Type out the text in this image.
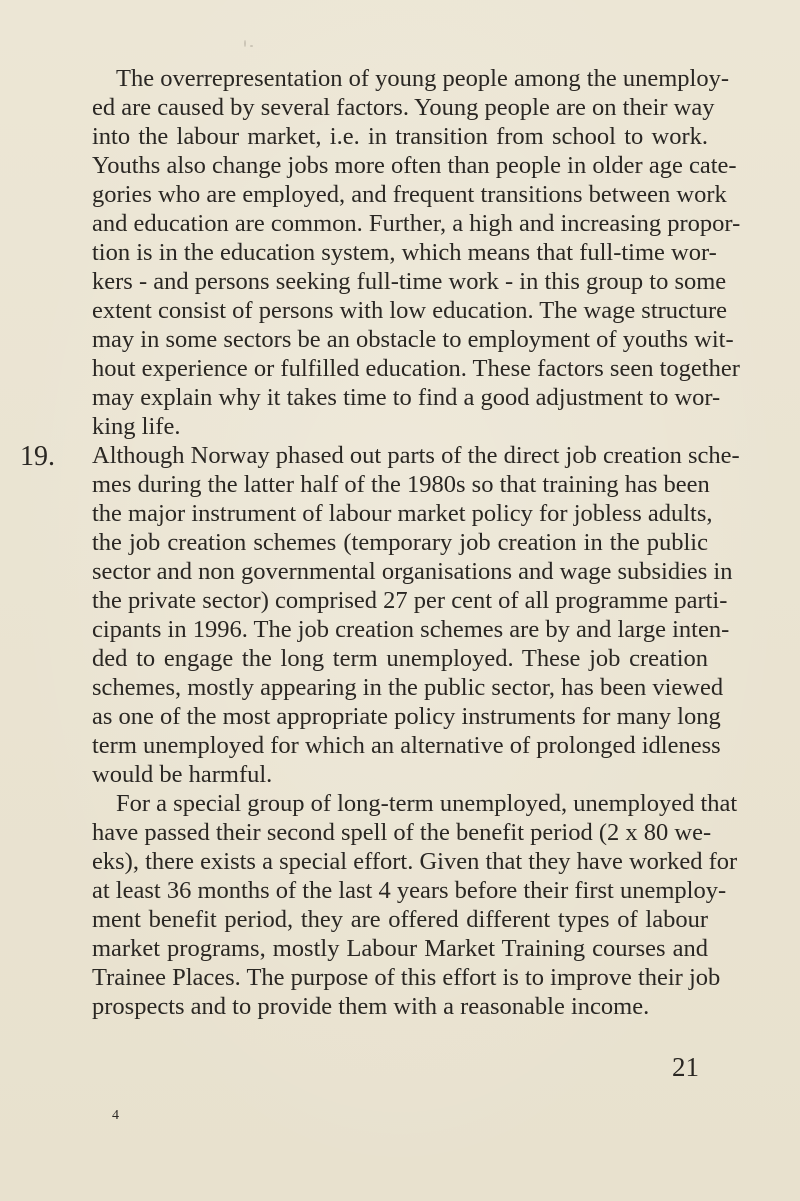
19.
The overrepresentation of young people among the unemploy-
ed are caused by several factors. Young people are on their way
into the labour market, i.e. in transition from school to work.
Youths also change jobs more often than people in older age cate-
gories who are employed, and frequent transitions between work
and education are common. Further, a high and increasing propor-
tion is in the education system, which means that full-time wor-
kers - and persons seeking full-time work - in this group to some
extent consist of persons with low education. The wage structure
may in some sectors be an obstacle to employment of youths wit-
hout experience or fulfilled education. These factors seen together
may explain why it takes time to find a good adjustment to wor-
king life.
Although Norway phased out parts of the direct job creation sche-
mes during the latter half of the 1980s so that training has been
the major instrument of labour market policy for jobless adults,
the job creation schemes (temporary job creation in the public
sector and non governmental organisations and wage subsidies in
the private sector) comprised 27 per cent of all programme parti-
cipants in 1996. The job creation schemes are by and large inten-
ded to engage the long term unemployed. These job creation
schemes, mostly appearing in the public sector, has been viewed
as one of the most appropriate policy instruments for many long
term unemployed for which an alternative of prolonged idleness
would be harmful.
For a special group of long-term unemployed, unemployed that
have passed their second spell of the benefit period (2 x 80 we-
eks), there exists a special effort. Given that they have worked for
at least 36 months of the last 4 years before their first unemploy-
ment benefit period, they are offered different types of labour
market programs, mostly Labour Market Training courses and
Trainee Places. The purpose of this effort is to improve their job
prospects and to provide them with a reasonable income.
21
4
